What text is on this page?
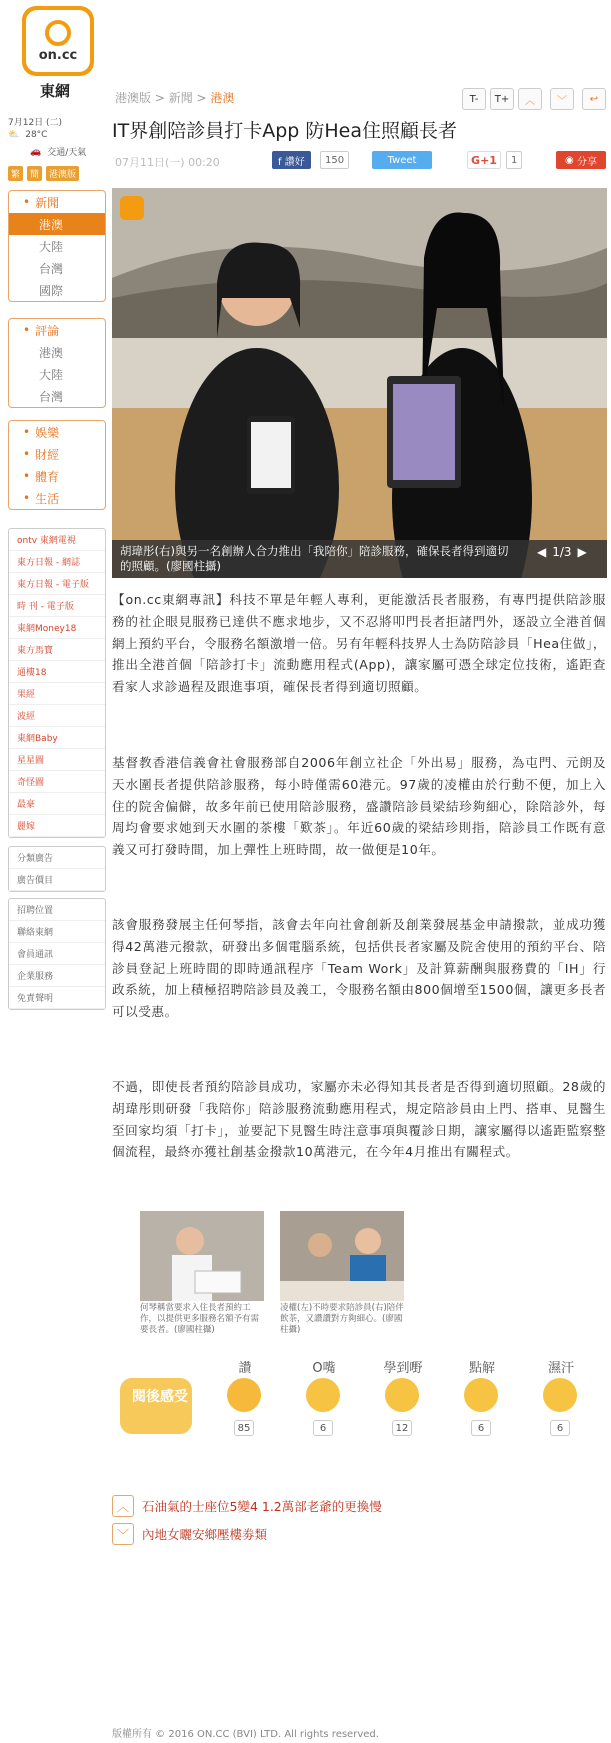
on.cc
東網
7月12日 (二)
⛅ 28°C
🚗 交通/天氣
繁	簡	港澳版
• 新聞
港澳
大陸
台灣
國際
• 評論
港澳
大陸
台灣
• 娛樂
• 財經
• 體育
• 生活
ontv 東網電視
東方日報 - 網誌
東方日報 - 電子版
時 刊 - 電子版
東網Money18
東方馬寶
通樓18
果經
波經
東網Baby
星星圖
奇怪圖
最豪
麗嫁
分類廣告
廣告價目
招聘位置
聯絡東網
會員通訊
企業服務
免責聲明
港澳版 > 新聞 > 港澳	T-	T+	︿ ﹀ ↩
IT界創陪診員打卡App 防Hea住照顧長者
07月11日(一) 00:20	f 讚好	150	Tweet	G+1	1	◉ 分享
胡瑋彤(右)與另一名創辦人合力推出「我陪你」陪診服務，確保長者得到適切的照顧。(廖國柱攝)
◀ 1/3 ▶

【on.cc東網專訊】科技不單是年輕人專利，更能激活長者服務，有專門提供陪診服務的社企眼見服務已達供不應求地步，又不忍將叩門長者拒諸門外，逐設立全港首個網上預約平台，令服務名額激增一倍。另有年輕科技界人士為防陪診員「Hea住做」，推出全港首個「陪診打卡」流動應用程式(App)，讓家屬可憑全球定位技術，遙距查看家人求診過程及跟進事項，確保長者得到適切照顧。

基督教香港信義會社會服務部自2006年創立社企「外出易」服務，為屯門、元朗及天水圍長者提供陪診服務，每小時僅需60港元。97歲的凌權由於行動不便，加上入住的院舍偏僻，故多年前已使用陪診服務，盛讚陪診員梁結珍夠細心，除陪診外，每周均會要求她到天水圍的茶樓「歎茶」。年近60歲的梁結珍則指，陪診員工作既有意義又可打發時間，加上彈性上班時間，故一做便是10年。

該會服務發展主任何琴指，該會去年向社會創新及創業發展基金申請撥款，並成功獲得42萬港元撥款，研發出多個電腦系統，包括供長者家屬及院舍使用的預約平台、陪診員登記上班時間的即時通訊程序「Team Work」及計算薪酬與服務費的「IH」行政系統，加上積極招聘陪診員及義工，令服務名額由800個增至1500個，讓更多長者可以受惠。

不過，即使長者預約陪診員成功，家屬亦未必得知其長者是否得到適切照顧。28歲的胡瑋彤則研發「我陪你」陪診服務流動應用程式，規定陪診員由上門、搭車、見醫生至回家均須「打卡」，並要記下見醫生時注意事項與覆診日期，讓家屬得以遙距監察整個流程，最終亦獲社創基金撥款10萬港元，在今年4月推出有關程式。

何琴稱當要求入住長者預約工作，以提供更多服務名額予有需要長者。(廖國柱攝)
凌權(左)不時要求陪診員(右)陪伴飲茶，又讚讚對方夠細心。(廖國柱攝)
閱後感受
讚
85
O嘴
6
學到嘢
12
點解
6
濕汗
6
︿	石油氣的士座位5變4 1.2萬部老爺的更換慢
﹀	內地女曬安鄉壓樓劵類
版權所有 © 2016 ON.CC (BVI) LTD. All rights reserved.
